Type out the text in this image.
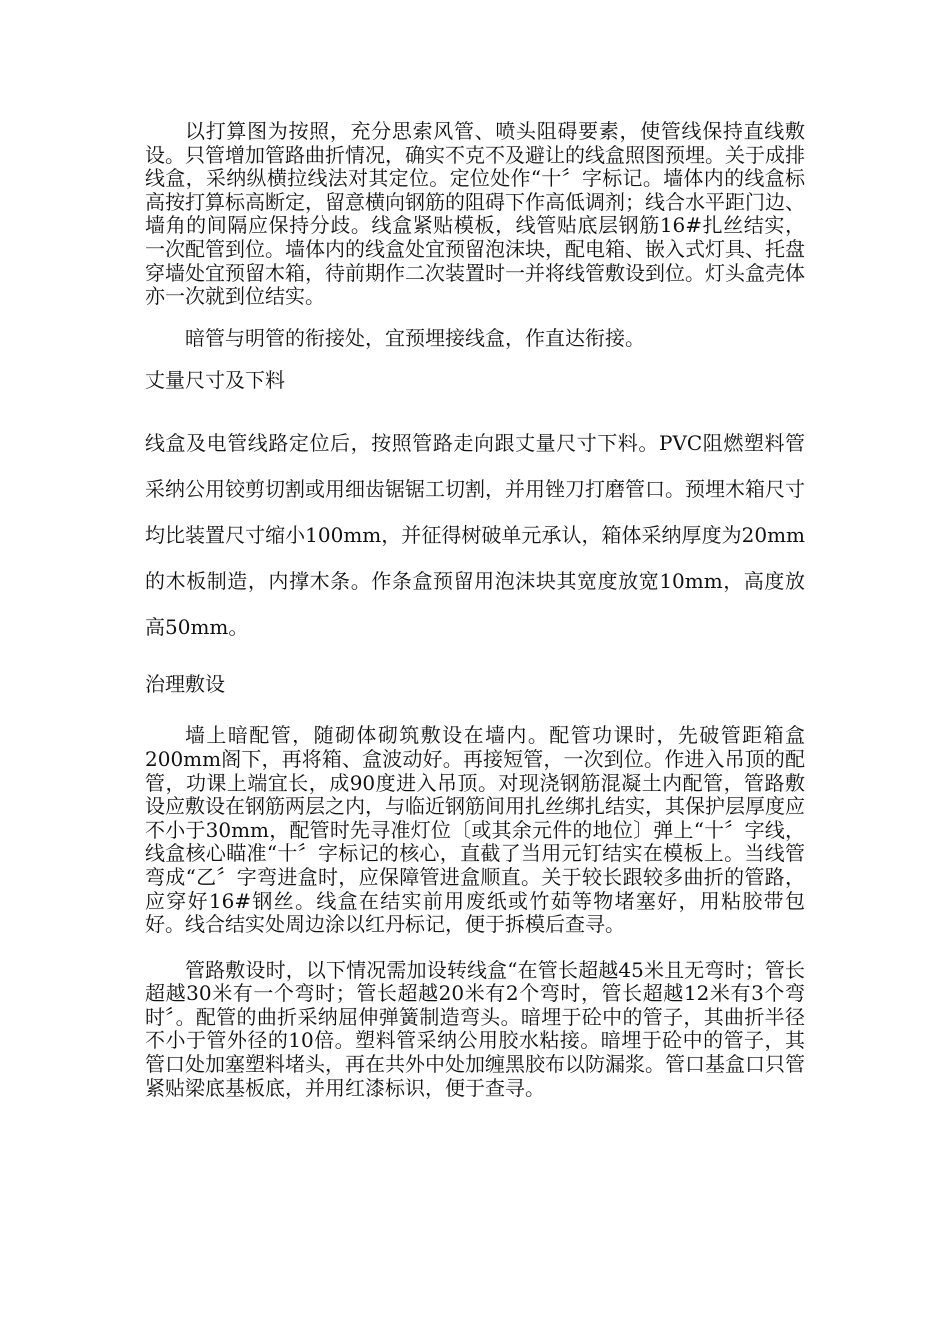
以打算图为按照，充分思索风管、喷头阻碍要素，使管线保持直线敷设。只管增加管路曲折情况，确实不克不及避让的线盒照图预埋。关于成排线盒，采纳纵横拉线法对其定位。定位处作“十〞字标记。墙体内的线盒标高按打算标高断定，留意横向钢筋的阻碍下作高低调剂；线合水平距门边、墙角的间隔应保持分歧。线盒紧贴模板，线管贴底层钢筋16#扎丝结实，一次配管到位。墙体内的线盒处宜预留泡沫块，配电箱、嵌入式灯具、托盘穿墙处宜预留木箱，待前期作二次装置时一并将线管敷设到位。灯头盒壳体亦一次就到位结实。

暗管与明管的衔接处，宜预埋接线盒，作直达衔接。

丈量尺寸及下料

线盒及电管线路定位后，按照管路走向跟丈量尺寸下料。PVC阻燃塑料管采纳公用铰剪切割或用细齿锯锯工切割，并用锉刀打磨管口。预埋木箱尺寸均比装置尺寸缩小100mm，并征得树破单元承认，箱体采纳厚度为20mm的木板制造，内撑木条。作条盒预留用泡沫块其宽度放宽10mm，高度放高50mm。

治理敷设

墙上暗配管，随砌体砌筑敷设在墙内。配管功课时，先破管距箱盒200mm阁下，再将箱、盒波动好。再接短管，一次到位。作进入吊顶的配管，功课上端宜长，成90度进入吊顶。对现浇钢筋混凝土内配管，管路敷设应敷设在钢筋两层之内，与临近钢筋间用扎丝绑扎结实，其保护层厚度应不小于30mm，配管时先寻准灯位〔或其余元件的地位〕弹上“十〞字线，线盒核心瞄准“十〞字标记的核心，直截了当用元钉结实在模板上。当线管弯成“乙〞字弯进盒时，应保障管进盒顺直。关于较长跟较多曲折的管路，应穿好16#钢丝。线盒在结实前用废纸或竹茹等物堵塞好，用粘胶带包好。线合结实处周边涂以红丹标记，便于拆模后查寻。

管路敷设时，以下情况需加设转线盒“在管长超越45米且无弯时；管长超越30米有一个弯时；管长超越20米有2个弯时，管长超越12米有3个弯时〞。配管的曲折采纳屈伸弹簧制造弯头。暗埋于砼中的管子，其曲折半径不小于管外径的10倍。塑料管采纳公用胶水粘接。暗埋于砼中的管子，其管口处加塞塑料堵头，再在共外中处加缠黑胶布以防漏浆。管口基盒口只管紧贴梁底基板底，并用红漆标识，便于查寻。
